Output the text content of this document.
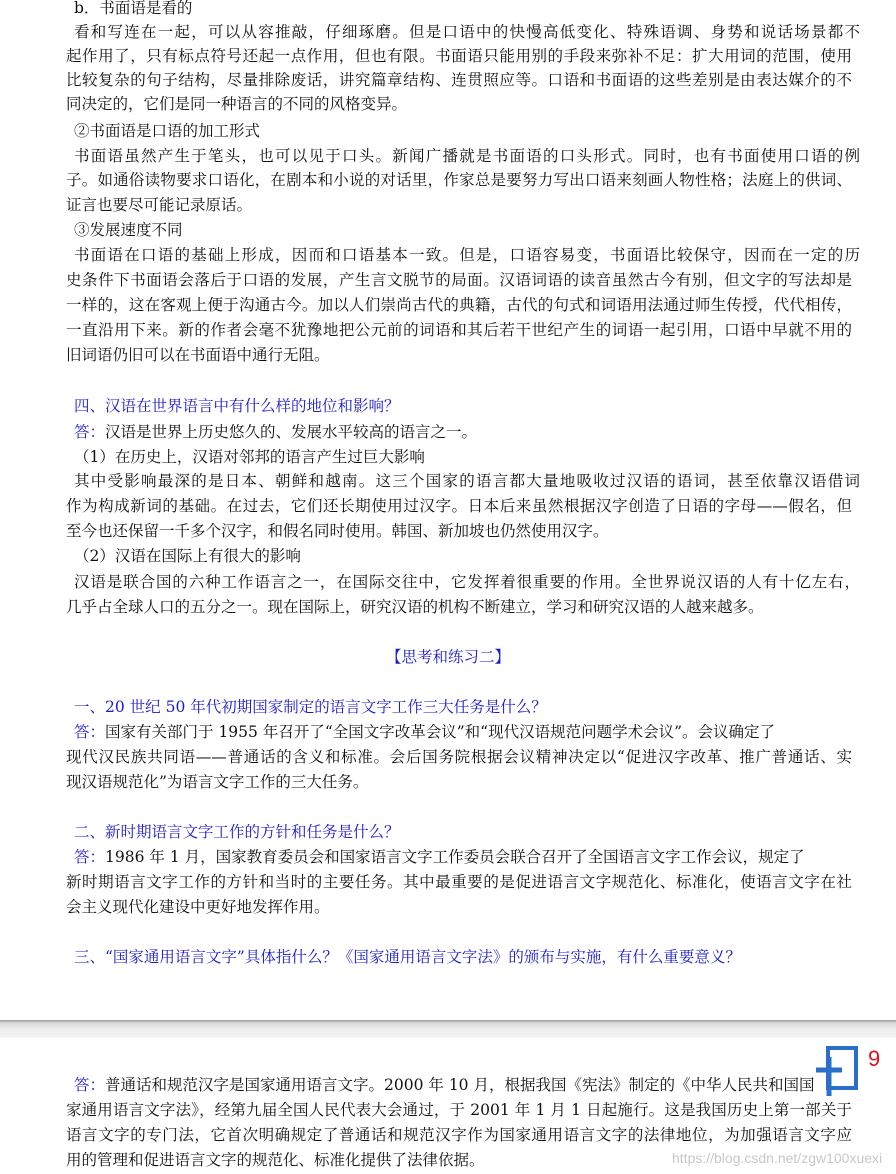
b．书面语是看的
看和写连在一起，可以从容推敲，仔细琢磨。但是口语中的快慢高低变化、特殊语调、身势和说话场景都不
起作用了，只有标点符号还起一点作用，但也有限。书面语只能用别的手段来弥补不足：扩大用词的范围，使用
比较复杂的句子结构，尽量排除废话，讲究篇章结构、连贯照应等。口语和书面语的这些差别是由表达媒介的不
同决定的，它们是同一种语言的不同的风格变异。
②书面语是口语的加工形式
书面语虽然产生于笔头，也可以见于口头。新闻广播就是书面语的口头形式。同时，也有书面使用口语的例
子。如通俗读物要求口语化，在剧本和小说的对话里，作家总是要努力写出口语来刻画人物性格；法庭上的供词、
证言也要尽可能记录原话。
③发展速度不同
书面语在口语的基础上形成，因而和口语基本一致。但是，口语容易变，书面语比较保守，因而在一定的历
史条件下书面语会落后于口语的发展，产生言文脱节的局面。汉语词语的读音虽然古今有别，但文字的写法却是
一样的，这在客观上便于沟通古今。加以人们崇尚古代的典籍，古代的句式和词语用法通过师生传授，代代相传，
一直沿用下来。新的作者会毫不犹豫地把公元前的词语和其后若干世纪产生的词语一起引用，口语中早就不用的
旧词语仍旧可以在书面语中通行无阻。
四、汉语在世界语言中有什么样的地位和影响？
答：汉语是世界上历史悠久的、发展水平较高的语言之一。
（1）在历史上，汉语对邻邦的语言产生过巨大影响
其中受影响最深的是日本、朝鲜和越南。这三个国家的语言都大量地吸收过汉语的语词，甚至依靠汉语借词
作为构成新词的基础。在过去，它们还长期使用过汉字。日本后来虽然根据汉字创造了日语的字母——假名，但
至今也还保留一千多个汉字，和假名同时使用。韩国、新加坡也仍然使用汉字。
（2）汉语在国际上有很大的影响
汉语是联合国的六种工作语言之一，在国际交往中，它发挥着很重要的作用。全世界说汉语的人有十亿左右，
几乎占全球人口的五分之一。现在国际上，研究汉语的机构不断建立，学习和研究汉语的人越来越多。
【思考和练习二】
一、20 世纪 50 年代初期国家制定的语言文字工作三大任务是什么？
答：国家有关部门于 1955 年召开了“全国文字改革会议”和“现代汉语规范问题学术会议”。会议确定了
现代汉民族共同语——普通话的含义和标准。会后国务院根据会议精神决定以“促进汉字改革、推广普通话、实
现汉语规范化”为语言文字工作的三大任务。
二、新时期语言文字工作的方针和任务是什么？
答：1986 年 1 月，国家教育委员会和国家语言文字工作委员会联合召开了全国语言文字工作会议，规定了
新时期语言文字工作的方针和当时的主要任务。其中最重要的是促进语言文字规范化、标准化，使语言文字在社
会主义现代化建设中更好地发挥作用。
三、“国家通用语言文字”具体指什么？《国家通用语言文字法》的颁布与实施，有什么重要意义？
答：普通话和规范汉字是国家通用语言文字。2000 年 10 月，根据我国《宪法》制定的《中华人民共和国国
家通用语言文字法》，经第九届全国人民代表大会通过，于 2001 年 1 月 1 日起施行。这是我国历史上第一部关于
语言文字的专门法，它首次明确规定了普通话和规范汉字作为国家通用语言文字的法律地位，为加强语言文字应
用的管理和促进语言文字的规范化、标准化提供了法律依据。
9
https://blog.csdn.net/zgw100xuexi
